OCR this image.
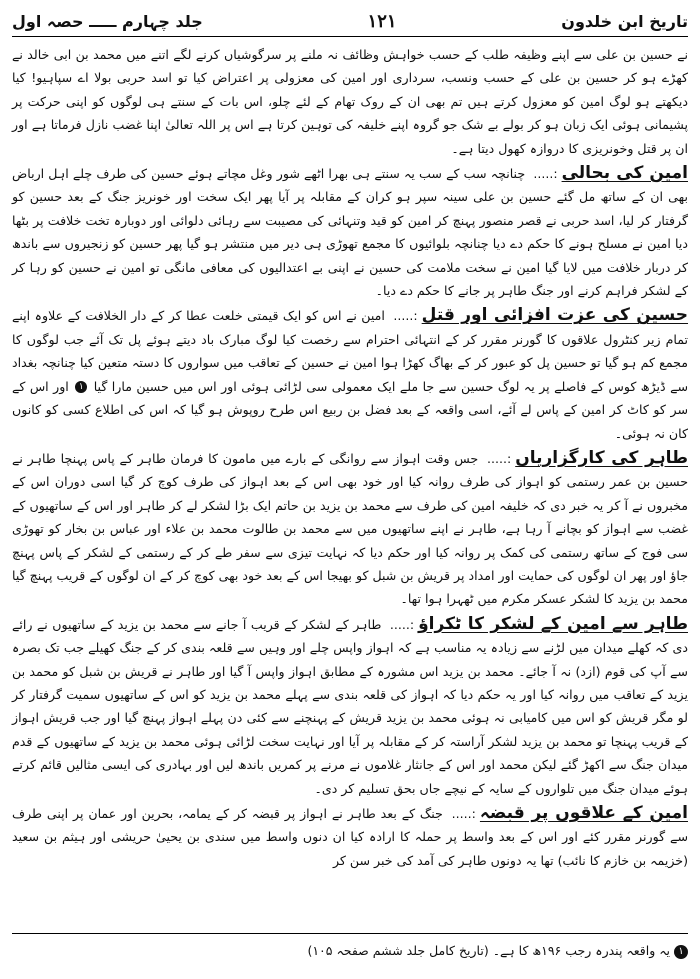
تاریخ ابن خلدون
۱۲۱
جلد چہارم ـــــ حصہ اول

نے حسین بن علی سے اپنے وظیفہ طلب کے حسب خواہش وظائف نہ ملنے پر سرگوشیاں کرنے لگے اتنے میں محمد بن ابی خالد نے کھڑے ہو کر حسین بن علی کے حسب ونسب، سرداری اور امین کی معزولی پر اعتراض کیا تو اسد حربی بولا اے سپاہیو! کیا دیکھتے ہو لوگ امین کو معزول کرتے ہیں تم بھی ان کے روک تھام کے لئے چلو، اس بات کے سنتے ہی لوگوں کو اپنی حرکت پر پشیمانی ہوئی ایک زبان ہو کر بولے بے شک جو گروہ اپنے خلیفہ کی توہین کرتا ہے اس پر اللہ تعالیٰ اپنا غضب نازل فرماتا ہے اور ان پر قتل وخونریزی کا دروازہ کھول دیتا ہے۔

امین کی بحالی:..... چنانچہ سب کے سب یہ سنتے ہی بھرا اٹھے شور وغل مچاتے ہوئے حسین کی طرف چلے اہل ارباض بھی ان کے ساتھ مل گئے حسین بن علی سینہ سپر ہو کران کے مقابلہ پر آیا پھر ایک سخت اور خونریز جنگ کے بعد حسین کو گرفتار کر لیا، اسد حربی نے قصر منصور پہنچ کر امین کو قید وتنہائی کی مصیبت سے رہائی دلوائی اور دوبارہ تخت خلافت پر بٹھا دیا امین نے مسلح ہونے کا حکم دے دیا چنانچہ بلوائیوں کا مجمع تھوڑی ہی دیر میں منتشر ہو گیا پھر حسین کو زنجیروں سے باندھ کر دربار خلافت میں لایا گیا امین نے سخت ملامت کی حسین نے اپنی بے اعتدالیوں کی معافی مانگی تو امین نے حسین کو رہا کر کے لشکر فراہم کرنے اور جنگ طاہر پر جانے کا حکم دے دیا۔

حسین کی عزت افزائی اور قتل:..... امین نے اس کو ایک قیمتی خلعت عطا کر کے دار الخلافت کے علاوہ اپنے تمام زیر کنٹرول علاقوں کا گورنر مقرر کر کے انتہائی احترام سے رخصت کیا لوگ مبارک باد دیتے ہوئے پل تک آئے جب لوگوں کا مجمع کم ہو گیا تو حسین پل کو عبور کر کے بھاگ کھڑا ہوا امین نے حسین کے تعاقب میں سواروں کا دستہ متعین کیا چنانچہ بغداد سے ڈیڑھ کوس کے فاصلے پر یہ لوگ حسین سے جا ملے ایک معمولی سی لڑائی ہوئی اور اس میں حسین مارا گیا ۱ اور اس کے سر کو کاٹ کر امین کے پاس لے آئے، اسی واقعہ کے بعد فضل بن ربیع اس طرح روپوش ہو گیا کہ اس کی اطلاع کسی کو کانوں کان نہ ہوئی۔

طاہر کی کارگزاریاں:..... جس وقت اہواز سے روانگی کے بارے میں مامون کا فرمان طاہر کے پاس پہنچا طاہر نے حسین بن عمر رستمی کو اہواز کی طرف روانہ کیا اور خود بھی اس کے بعد اہواز کی طرف کوچ کر گیا اسی دوران اس کے مخبروں نے آ کر یہ خبر دی کہ خلیفہ امین کی طرف سے محمد بن یزید بن حاتم ایک بڑا لشکر لے کر طاہر اور اس کے ساتھیوں کے غضب سے اہواز کو بچانے آ رہا ہے، طاہر نے اپنے ساتھیوں میں سے محمد بن طالوت محمد بن علاء اور عباس بن بخار کو تھوڑی سی فوج کے ساتھ رستمی کی کمک پر روانہ کیا اور حکم دیا کہ نہایت تیزی سے سفر طے کر کے رستمی کے لشکر کے پاس پہنچ جاؤ اور پھر ان لوگوں کی حمایت اور امداد پر قریش بن شبل کو بھیجا اس کے بعد خود بھی کوچ کر کے ان لوگوں کے قریب پہنچ گیا محمد بن یزید کا لشکر عسکر مکرم میں ٹھہرا ہوا تھا۔

طاہر سے امین کے لشکر کا ٹکراؤ:..... طاہر کے لشکر کے قریب آ جانے سے محمد بن یزید کے ساتھیوں نے رائے دی کہ کھلے میدان میں لڑنے سے زیادہ یہ مناسب ہے کہ اہواز واپس چلے اور وہیں سے قلعہ بندی کر کے جنگ کھیلے جب تک بصرہ سے آپ کی قوم (ازد) نہ آ جائے۔ محمد بن یزید اس مشورہ کے مطابق اہواز واپس آ گیا اور طاہر نے قریش بن شبل کو محمد بن یزید کے تعاقب میں روانہ کیا اور یہ حکم دیا کہ اہواز کی قلعہ بندی سے پہلے محمد بن یزید کو اس کے ساتھیوں سمیت گرفتار کر لو مگر قریش کو اس میں کامیابی نہ ہوئی محمد بن یزید قریش کے پہنچنے سے کئی دن پہلے اہواز پہنچ گیا اور جب قریش اہواز کے قریب پہنچا تو محمد بن یزید لشکر آراستہ کر کے مقابلہ پر آیا اور نہایت سخت لڑائی ہوئی محمد بن یزید کے ساتھیوں کے قدم میدان جنگ سے اکھڑ گئے لیکن محمد اور اس کے جانثار غلاموں نے مرنے پر کمریں باندھ لیں اور بہادری کی ایسی مثالیں قائم کرتے ہوئے میدان جنگ میں تلواروں کے سایہ کے نیچے جاں بحق تسلیم کر دی۔

امین کے علاقوں پر قبضہ:..... جنگ کے بعد طاہر نے اہواز پر قبضہ کر کے یمامہ، بحرین اور عمان پر اپنی طرف سے گورنر مقرر کئے اور اس کے بعد واسط پر حملہ کا ارادہ کیا ان دنوں واسط میں سندی بن یحییٰ حریشی اور ہیثم بن سعید (خزیمہ بن خازم کا نائب) تھا یہ دونوں طاہر کی آمد کی خبر سن کر

۱ یہ واقعہ پندرہ رجب ۱۹۶ھ کا ہے۔ (تاریخ کامل جلد ششم صفحہ ۱۰۵)
